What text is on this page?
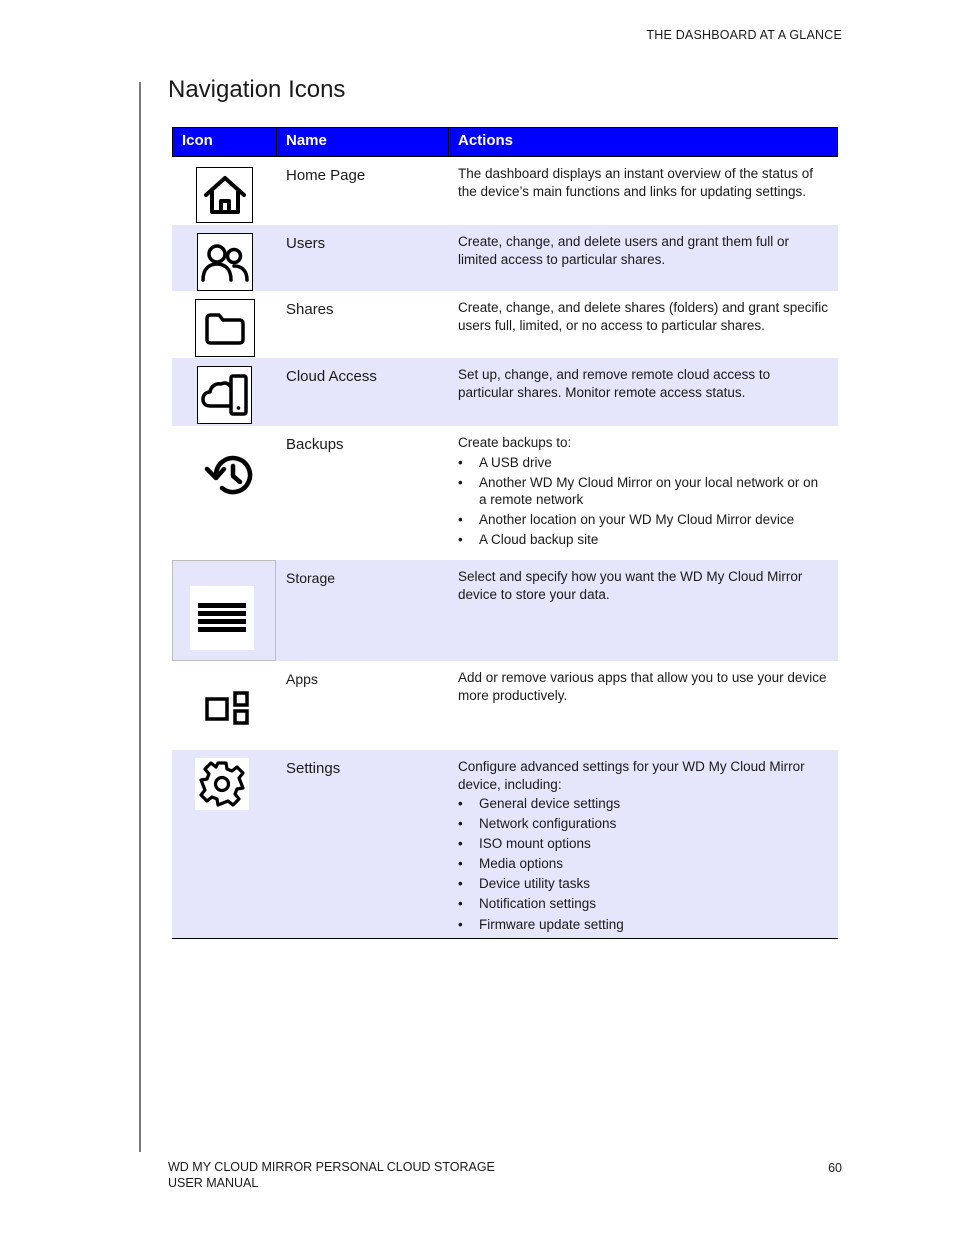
THE DASHBOARD AT A GLANCE
Navigation Icons
Icon	Name	Actions
Home Page	The dashboard displays an instant overview of the status of the device’s main functions and links for updating settings.
Users	Create, change, and delete users and grant them full or limited access to particular shares.
Shares	Create, change, and delete shares (folders) and grant specific users full, limited, or no access to particular shares.
Cloud Access	Set up, change, and remove remote cloud access to particular shares. Monitor remote access status.
Backups	Create backups to:
• A USB drive
• Another WD My Cloud Mirror on your local network or on a remote network
• Another location on your WD My Cloud Mirror device
• A Cloud backup site
Storage	Select and specify how you want the WD My Cloud Mirror device to store your data.
Apps	Add or remove various apps that allow you to use your device more productively.
Settings	Configure advanced settings for your WD My Cloud Mirror device, including:
• General device settings
• Network configurations
• ISO mount options
• Media options
• Device utility tasks
• Notification settings
• Firmware update setting
WD MY CLOUD MIRROR PERSONAL CLOUD STORAGE
USER MANUAL
60
